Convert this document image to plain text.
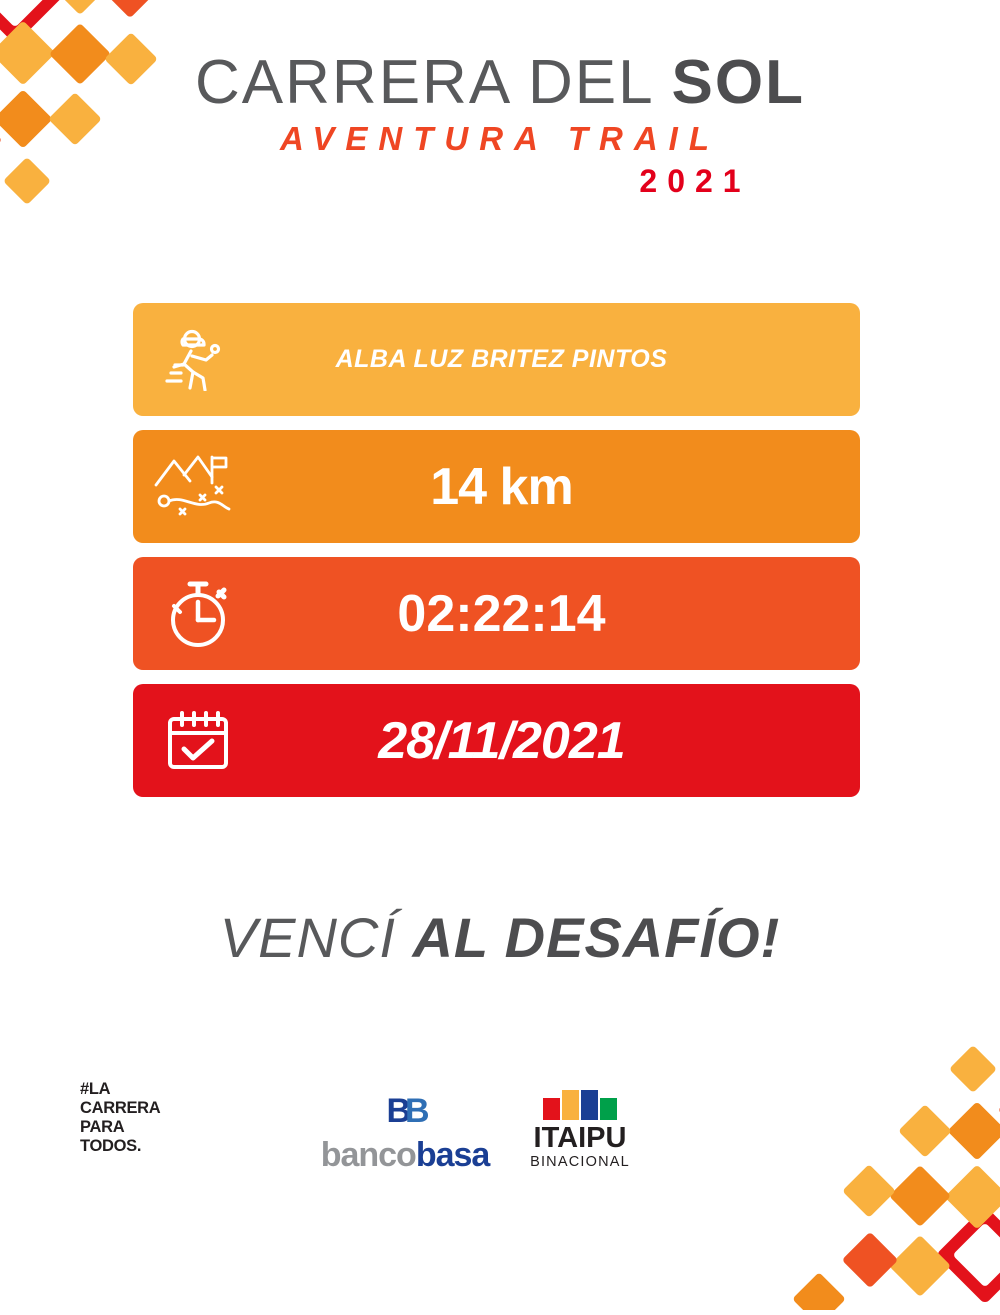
CARRERA DEL SOL
AVENTURA TRAIL
2021
ALBA LUZ BRITEZ PINTOS
14 km
02:22:14
28/11/2021
VENCÍ AL DESAFÍO!
#LA
CARRERA
PARA
TODOS.
BB
bancobasa	ITAIPU
BINACIONAL
